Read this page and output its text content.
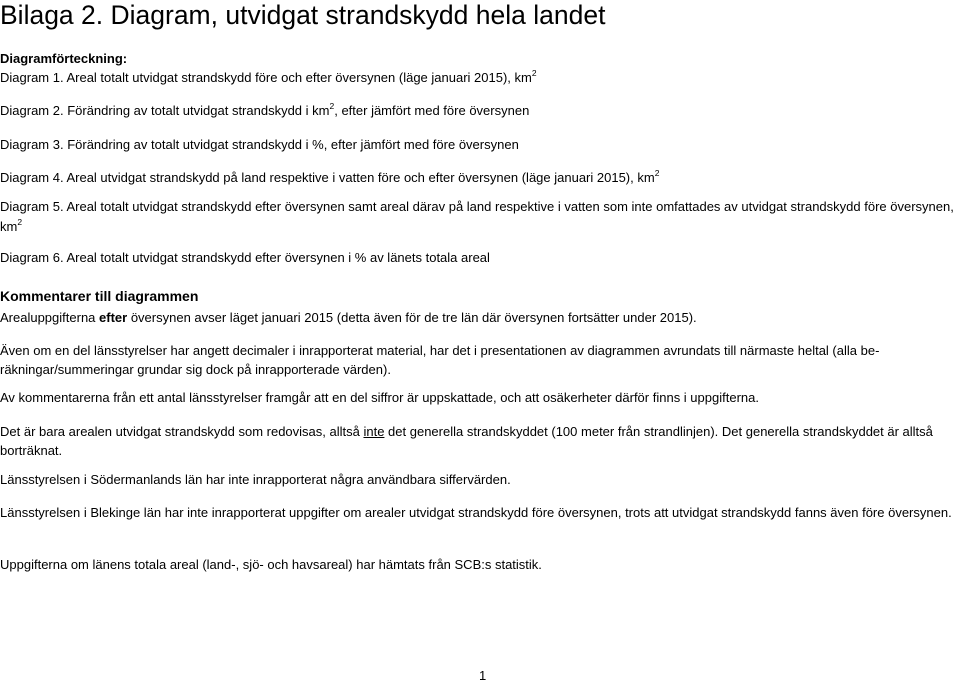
Bilaga 2. Diagram, utvidgat strandskydd hela landet
Diagramförteckning:
Diagram 1. Areal totalt utvidgat strandskydd före och efter översynen (läge januari 2015), $km^2$
Diagram 2. Förändring av totalt utvidgat strandskydd i $km^2$, efter jämfört med före översynen
Diagram 3. Förändring av totalt utvidgat strandskydd i %, efter jämfört med före översynen
Diagram 4. Areal utvidgat strandskydd på land respektive i vatten före och efter översynen (läge januari 2015), $km^2$
Diagram 5. Areal totalt utvidgat strandskydd efter översynen samt areal därav på land respektive i vatten som inte omfattades av utvidgat strandskydd före översynen, $km^2$
Diagram 6. Areal totalt utvidgat strandskydd efter översynen i % av länets totala areal
Kommentarer till diagrammen
Arealuppgifterna efter översynen avser läget januari 2015 (detta även för de tre län där översynen fortsätter under 2015).
Även om en del länsstyrelser har angett decimaler i inrapporterat material, har det i presentationen av diagrammen avrundats till närmaste heltal (alla be-räkningar/summeringar grundar sig dock på inrapporterade värden).
Av kommentarerna från ett antal länsstyrelser framgår att en del siffror är uppskattade, och att osäkerheter därför finns i uppgifterna.
Det är bara arealen utvidgat strandskydd som redovisas, alltså inte det generella strandskyddet (100 meter från strandlinjen). Det generella strandskyddet är alltså borträknat.
Länsstyrelsen i Södermanlands län har inte inrapporterat några användbara siffervärden.
Länsstyrelsen i Blekinge län har inte inrapporterat uppgifter om arealer utvidgat strandskydd före översynen, trots att utvidgat strandskydd fanns även före översynen.
Uppgifterna om länens totala areal (land-, sjö- och havsareal) har hämtats från SCB:s statistik.
1
